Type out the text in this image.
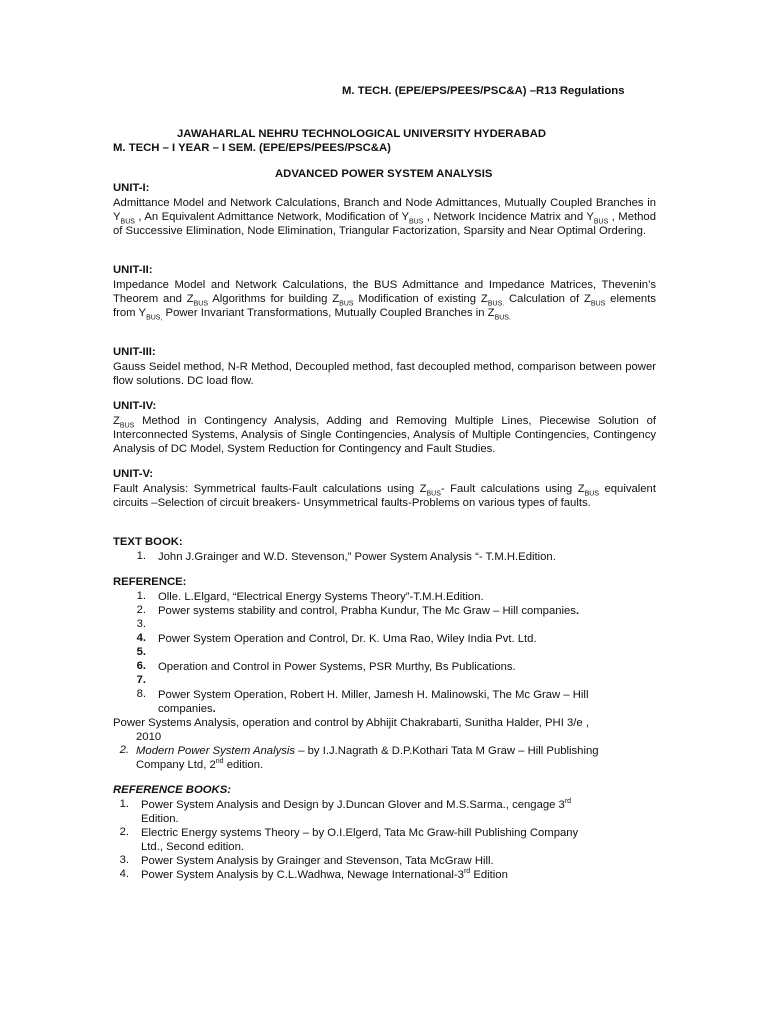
M. TECH. (EPE/EPS/PEES/PSC&A) –R13 Regulations
JAWAHARLAL NEHRU TECHNOLOGICAL UNIVERSITY HYDERABAD
M. TECH – I YEAR – I SEM. (EPE/EPS/PEES/PSC&A)
ADVANCED POWER SYSTEM ANALYSIS
UNIT-I:

Admittance Model and Network Calculations, Branch and Node Admittances, Mutually Coupled Branches in $Y_{BUS}$ , An Equivalent Admittance Network, Modification of $Y_{BUS}$ , Network Incidence Matrix and $Y_{BUS}$ , Method of Successive Elimination, Node Elimination, Triangular Factorization, Sparsity and Near Optimal Ordering.

UNIT-II:

Impedance Model and Network Calculations, the BUS Admittance and Impedance Matrices, Thevenin’s Theorem and $Z_{BUS}$ Algorithms for building $Z_{BUS}$ Modification of existing $Z_{BUS.}$ Calculation of $Z_{BUS}$ elements from $Y_{BUS,}$ Power Invariant Transformations, Mutually Coupled Branches in $Z_{BUS.}$

UNIT-III:

Gauss Seidel method, N-R Method, Decoupled method, fast decoupled method, comparison between power flow solutions. DC load flow.

UNIT-IV:

$Z_{BUS}$ Method in Contingency Analysis, Adding and Removing Multiple Lines, Piecewise Solution of Interconnected Systems, Analysis of Single Contingencies, Analysis of Multiple Contingencies, Contingency Analysis of DC Model, System Reduction for Contingency and Fault Studies.

UNIT-V:

Fault Analysis: Symmetrical faults-Fault calculations using $Z_{BUS}-$ Fault calculations using $Z_{BUS}$ equivalent circuits –Selection of circuit breakers- Unsymmetrical faults-Problems on various types of faults.

TEXT BOOK:
1. John J.Grainger and W.D. Stevenson,” Power System Analysis “- T.M.H.Edition.
REFERENCE:
1. Olle. L.Elgard, “Electrical Energy Systems Theory”-T.M.H.Edition.
2. Power systems stability and control, Prabha Kundur, The Mc Graw – Hill companies.
3.
4. Power System Operation and Control, Dr. K. Uma Rao, Wiley India Pvt. Ltd.
5.
6. Operation and Control in Power Systems, PSR Murthy, Bs Publications.
7.
8. Power System Operation, Robert H. Miller, Jamesh H. Malinowski, The Mc Graw – Hill
companies.
Power Systems Analysis, operation and control by Abhijit Chakrabarti, Sunitha Halder, PHI 3/e ,
2010
2. Modern Power System Analysis – by I.J.Nagrath & D.P.Kothari Tata M Graw – Hill Publishing
Company Ltd, 2nd edition.
REFERENCE BOOKS:
1. Power System Analysis and Design by J.Duncan Glover and M.S.Sarma., cengage 3rd
Edition.
2. Electric Energy systems Theory – by O.I.Elgerd, Tata Mc Graw-hill Publishing Company
Ltd., Second edition.
3. Power System Analysis by Grainger and Stevenson, Tata McGraw Hill.
4. Power System Analysis by C.L.Wadhwa, Newage International-3rd Edition
